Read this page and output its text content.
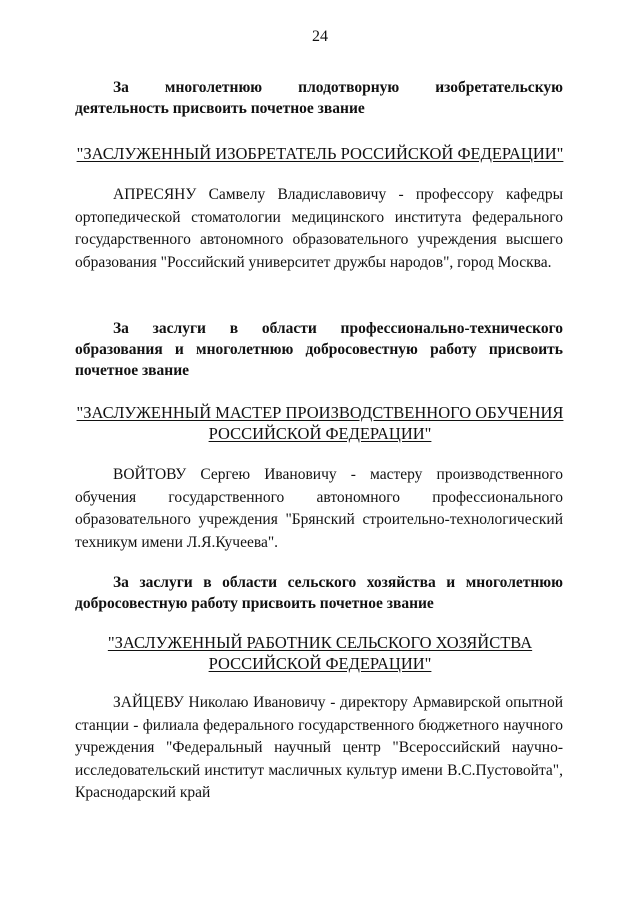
24
За многолетнюю плодотворную изобретательскую деятельность присвоить почетное звание
"ЗАСЛУЖЕННЫЙ ИЗОБРЕТАТЕЛЬ РОССИЙСКОЙ ФЕДЕРАЦИИ"
АПРЕСЯНУ Самвелу Владиславовичу - профессору кафедры ортопедической стоматологии медицинского института федерального государственного автономного образовательного учреждения высшего образования "Российский университет дружбы народов", город Москва.
За заслуги в области профессионально-технического образования и многолетнюю добросовестную работу присвоить почетное звание
"ЗАСЛУЖЕННЫЙ МАСТЕР ПРОИЗВОДСТВЕННОГО ОБУЧЕНИЯ
РОССИЙСКОЙ ФЕДЕРАЦИИ"
ВОЙТОВУ Сергею Ивановичу - мастеру производственного обучения государственного автономного профессионального образовательного учреждения "Брянский строительно-технологический техникум имени Л.Я.Кучеева".
За заслуги в области сельского хозяйства и многолетнюю добросовестную работу присвоить почетное звание
"ЗАСЛУЖЕННЫЙ РАБОТНИК СЕЛЬСКОГО ХОЗЯЙСТВА
РОССИЙСКОЙ ФЕДЕРАЦИИ"
ЗАЙЦЕВУ Николаю Ивановичу - директору Армавирской опытной станции - филиала федерального государственного бюджетного научного учреждения "Федеральный научный центр "Всероссийский научно-исследовательский институт масличных культур имени В.С.Пустовойта", Краснодарский край
